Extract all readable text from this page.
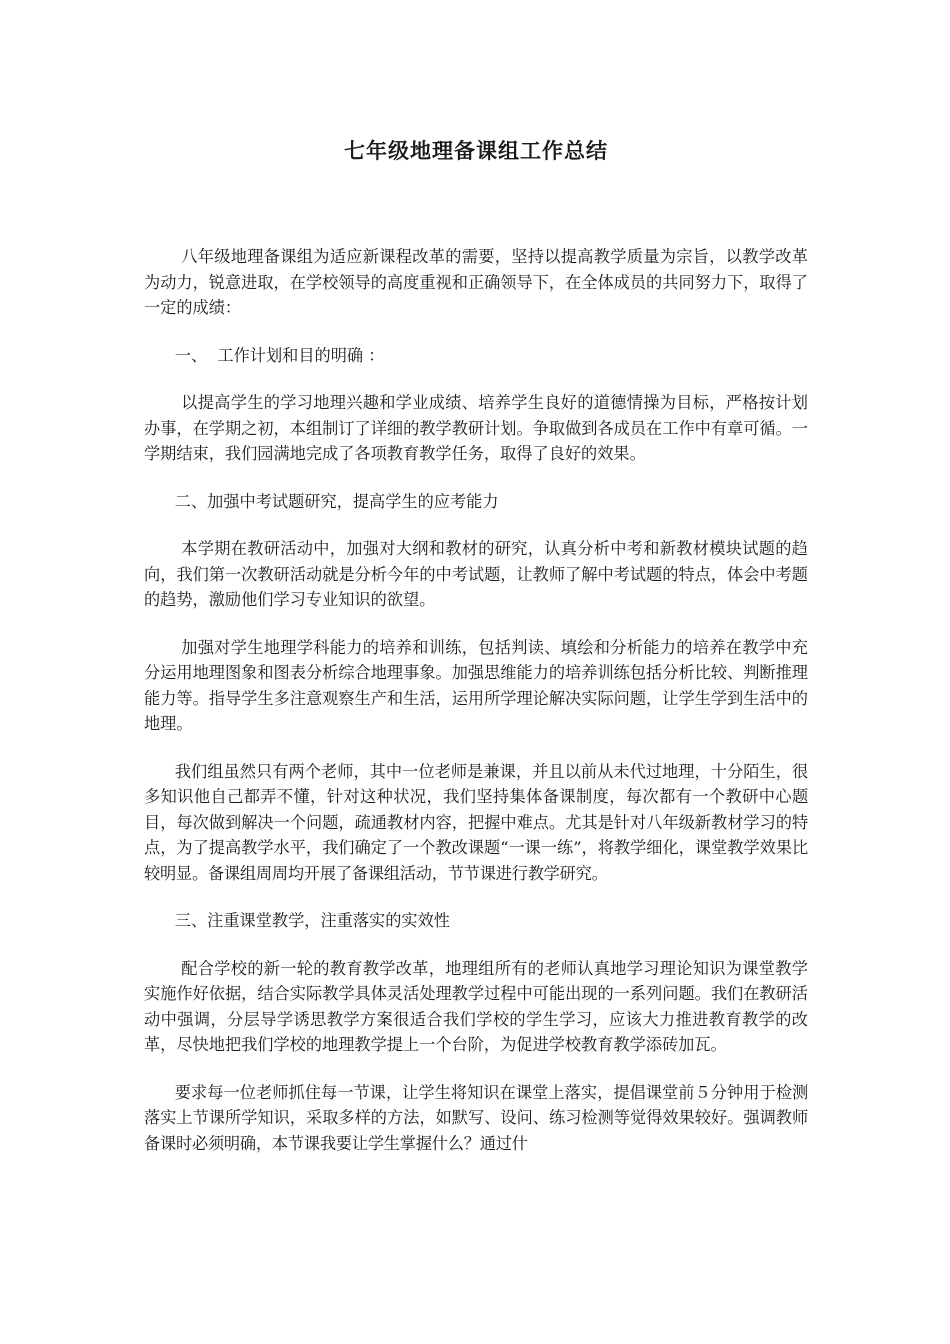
七年级地理备课组工作总结

八年级地理备课组为适应新课程改革的需要，坚持以提高教学质量为宗旨，以教学改革为动力，锐意进取，在学校领导的高度重视和正确领导下，在全体成员的共同努力下，取得了一定的成绩：

一、  工作计划和目的明确 ：

以提高学生的学习地理兴趣和学业成绩、培养学生良好的道德情操为目标，严格按计划办事，在学期之初，本组制订了详细的教学教研计划。争取做到各成员在工作中有章可循。一学期结束，我们园满地完成了各项教育教学任务，取得了良好的效果。

二、加强中考试题研究，提高学生的应考能力

本学期在教研活动中，加强对大纲和教材的研究，认真分析中考和新教材模块试题的趋向，我们第一次教研活动就是分析今年的中考试题，让教师了解中考试题的特点，体会中考题的趋势，激励他们学习专业知识的欲望。

加强对学生地理学科能力的培养和训练，包括判读、填绘和分析能力的培养在教学中充分运用地理图象和图表分析综合地理事象。加强思维能力的培养训练包括分析比较、判断推理能力等。指导学生多注意观察生产和生活，运用所学理论解决实际问题，让学生学到生活中的地理。

我们组虽然只有两个老师，其中一位老师是兼课，并且以前从未代过地理，十分陌生，很多知识他自己都弄不懂，针对这种状况，我们坚持集体备课制度，每次都有一个教研中心题目，每次做到解决一个问题，疏通教材内容，把握中难点。尤其是针对八年级新教材学习的特点，为了提高教学水平，我们确定了一个教改课题“一课一练”，将教学细化，课堂教学效果比较明显。备课组周周均开展了备课组活动，节节课进行教学研究。

三、注重课堂教学，注重落实的实效性

配合学校的新一轮的教育教学改革，地理组所有的老师认真地学习理论知识为课堂教学实施作好依据，结合实际教学具体灵活处理教学过程中可能出现的一系列问题。我们在教研活动中强调，分层导学诱思教学方案很适合我们学校的学生学习，应该大力推进教育教学的改革，尽快地把我们学校的地理教学提上一个台阶，为促进学校教育教学添砖加瓦。

要求每一位老师抓住每一节课，让学生将知识在课堂上落实，提倡课堂前５分钟用于检测落实上节课所学知识，采取多样的方法，如默写、设问、练习检测等觉得效果较好。强调教师备课时必须明确，本节课我要让学生掌握什么？通过什
